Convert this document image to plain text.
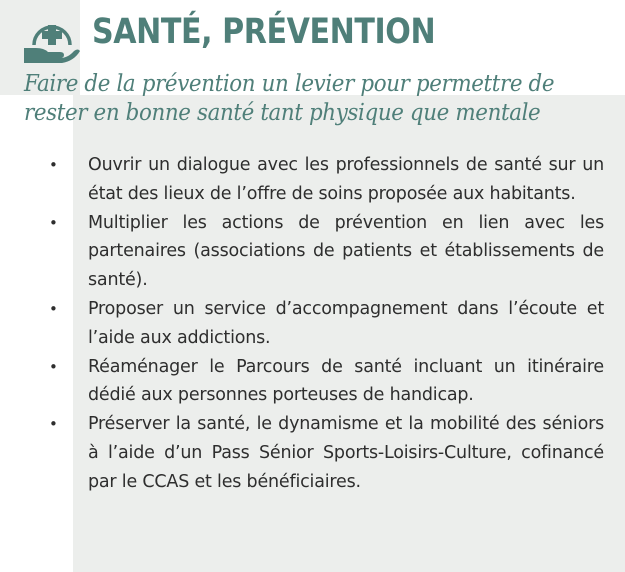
SANTÉ, PRÉVENTION
Faire de la prévention un levier pour permettre de rester en bonne santé tant physique que mentale
• Ouvrir un dialogue avec les professionnels de santé sur un état des lieux de l’offre de soins proposée aux habitants.
• Multiplier les actions de prévention en lien avec les partenaires (associations de patients et établissements de santé).
• Proposer un service d’accompagnement dans l’écoute et l’aide aux addictions.
• Réaménager le Parcours de santé incluant un itinéraire dédié aux personnes porteuses de handicap.
• Préserver la santé, le dynamisme et la mobilité des séniors à l’aide d’un Pass Sénior Sports-Loisirs-Culture, cofinancé par le CCAS et les bénéficiaires.
